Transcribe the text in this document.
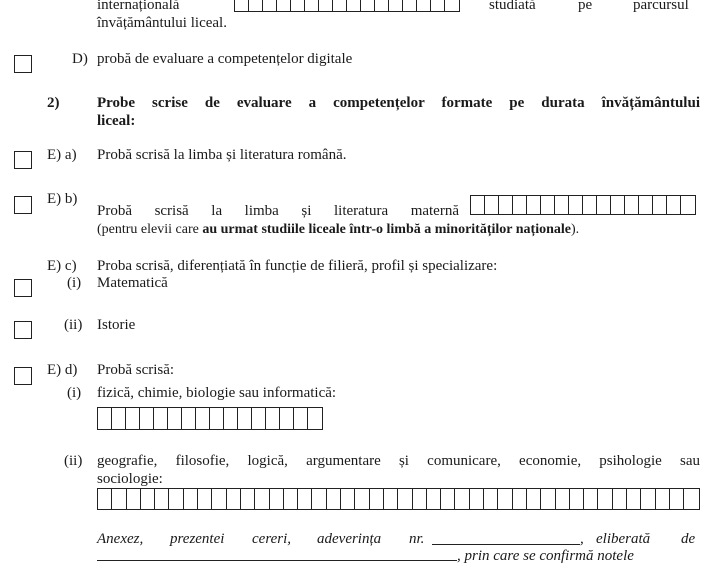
internațională	studiată	pe	parcursul
învățământului liceal.
D) probă de evaluare a competențelor digitale
2)	Probe scrise de evaluare a competențelor formate pe durata învățământului
liceal:
E) a) Probă scrisă la limba și literatura română.
E) b)
Probă scrisă la limba și literatura maternă
(pentru elevii care au urmat studiile liceale într-o limbă a minorităților naționale).
E) c) Proba scrisă, diferențiată în funcție de filieră, profil și specializare:
(i) Matematică
(ii) Istorie
E) d) Probă scrisă:
(i) fizică, chimie, biologie sau informatică:
(ii) geografie, filosofie, logică, argumentare și comunicare, economie, psihologie sau
sociologie:
Anexez, prezentei cereri, adeverința nr.	, eliberată de
, prin care se confirmă notele
